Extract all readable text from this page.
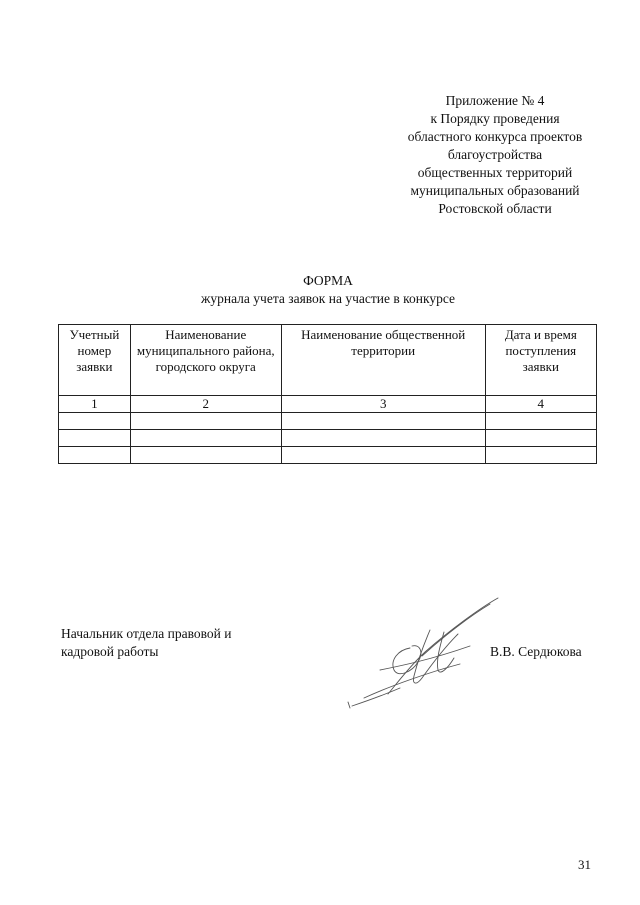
Приложение № 4
к Порядку проведения
областного конкурса проектов
благоустройства
общественных территорий
муниципальных образований
Ростовской области
ФОРМА
журнала учета заявок на участие в конкурсе
Учетный номер заявки	Наименование муниципального района, городского округа	Наименование общественной территории	Дата и время поступления заявки
1	2	3	4

Начальник отдела правовой и
кадровой работы	В.В. Сердюкова
31
